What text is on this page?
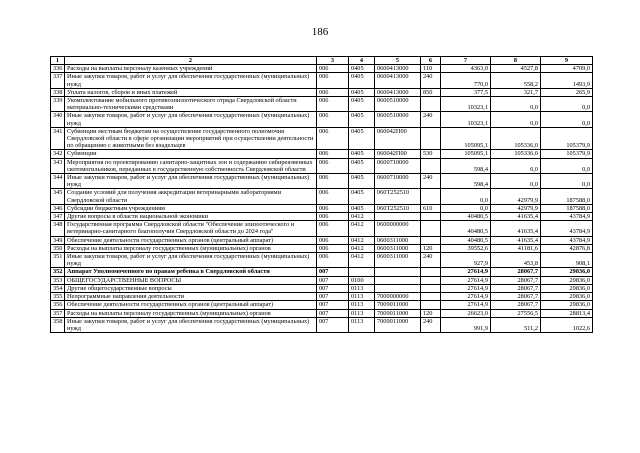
186
1	2	3	4	5	6	7	8	9
336	Расходы на выплаты персоналу казенных учреждений	006	0405	0600413000	110	4363,0	4527,8	4709,0
337	Иные закупки товаров, работ и услуг для обеспечения государственных (муниципальных) нужд	006	0405	0600413000	240	770,0	558,2	1493,9
338	Уплата налогов, сборов и иных платежей	006	0405	0600413000	850	377,5	321,7	265,9
339	Укомплектование мобильного противоэпизоотического отряда Свердловской области материально-техническими средствами	006	0405	0600510000		10323,1	0,0	0,0
340	Иные закупки товаров, работ и услуг для обеспечения государственных (муниципальных) нужд	006	0405	0600510000	240	10323,1	0,0	0,0
341	Субвенции местным бюджетам на осуществление государственного полномочия Свердловской области в сфере организации мероприятий при осуществлении деятельности по обращению с животными без владельцев	006	0405	060042П00		105095,1	105336,0	105379,9
342	Субвенции	006	0405	060042П00	530	105095,1	105336,0	105379,9
343	Мероприятия по проектированию санитарно-защитных зон и содержанию сибиреязвенных скотомогильников, переданных в государственную собственность Свердловской области	006	0405	0600710000		598,4	0,0	0,0
344	Иные закупки товаров, работ и услуг для обеспечения государственных (муниципальных) нужд	006	0405	0600710000	240	598,4	0,0	0,0
345	Создание условий для получения аккредитации ветеринарными лабораториями Свердловской области	006	0405	060Т252510		0,0	42979,9	187588,0
346	Субсидии бюджетным учреждениям	006	0405	060Т252510	610	0,0	42979,9	187588,0
347	Другие вопросы в области национальной экономики	006	0412			40480,5	41635,4	43784,9
348	Государственная программа Свердловской области "Обеспечение эпизоотического и ветеринарно-санитарного благополучия Свердловской области до 2024 года"	006	0412	0600000000		40480,5	41635,4	43784,9
349	Обеспечение деятельности государственных органов (центральный аппарат)	006	0412	0600311000		40480,5	41635,4	43784,9
350	Расходы на выплаты персоналу государственных (муниципальных) органов	006	0412	0600311000	120	39552,6	41181,6	42876,8
351	Иные закупки товаров, работ и услуг для обеспечения государственных (муниципальных) нужд	006	0412	0600311000	240	927,9	453,8	908,1
352	Аппарат Уполномоченного по правам ребенка в Свердловской области	007				27614,9	28067,7	29836,0
353	ОБЩЕГОСУДАРСТВЕННЫЕ ВОПРОСЫ	007	0100			27614,9	28067,7	29836,0
354	Другие общегосударственные вопросы	007	0113			27614,9	28067,7	29836,0
355	Непрограммные направления деятельности	007	0113	7000000000		27614,9	28067,7	29836,0
356	Обеспечение деятельности государственных органов (центральный аппарат)	007	0113	7009011000		27614,9	28067,7	29836,0
357	Расходы на выплаты персоналу государственных (муниципальных) органов	007	0113	7009011000	120	26623,0	27556,5	28813,4
358	Иные закупки товаров, работ и услуг для обеспечения государственных (муниципальных) нужд	007	0113	7009011000	240	991,9	511,2	1022,6
